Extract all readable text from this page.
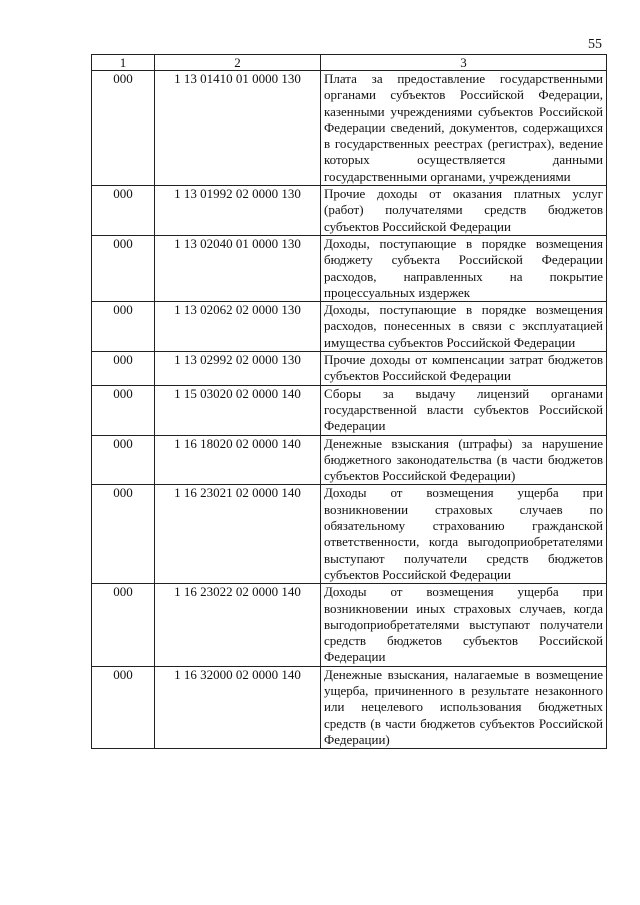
55
1	2	3
000	1 13 01410 01 0000 130	Плата за предоставление государственными органами субъектов Российской Федерации, казенными учреждениями субъектов Российской Федерации сведений, документов, содержащихся в государственных реестрах (регистрах), ведение которых осуществляется данными государственными органами, учреждениями
000	1 13 01992 02 0000 130	Прочие доходы от оказания платных услуг (работ) получателями средств бюджетов субъектов Российской Федерации
000	1 13 02040 01 0000 130	Доходы, поступающие в порядке возмещения бюджету субъекта Российской Федерации расходов, направленных на покрытие процессуальных издержек
000	1 13 02062 02 0000 130	Доходы, поступающие в порядке возмещения расходов, понесенных в связи с эксплуатацией имущества субъектов Российской Федерации
000	1 13 02992 02 0000 130	Прочие доходы от компенсации затрат бюджетов субъектов Российской Федерации
000	1 15 03020 02 0000 140	Сборы за выдачу лицензий органами государственной власти субъектов Российской Федерации
000	1 16 18020 02 0000 140	Денежные взыскания (штрафы) за нарушение бюджетного законодательства (в части бюджетов субъектов Российской Федерации)
000	1 16 23021 02 0000 140	Доходы от возмещения ущерба при возникновении страховых случаев по обязательному страхованию гражданской ответственности, когда выгодоприобретателями выступают получатели средств бюджетов субъектов Российской Федерации
000	1 16 23022 02 0000 140	Доходы от возмещения ущерба при возникновении иных страховых случаев, когда выгодоприобретателями выступают получатели средств бюджетов субъектов Российской Федерации
000	1 16 32000 02 0000 140	Денежные взыскания, налагаемые в возмещение ущерба, причиненного в результате незаконного или нецелевого использования бюджетных средств (в части бюджетов субъектов Российской Федерации)
